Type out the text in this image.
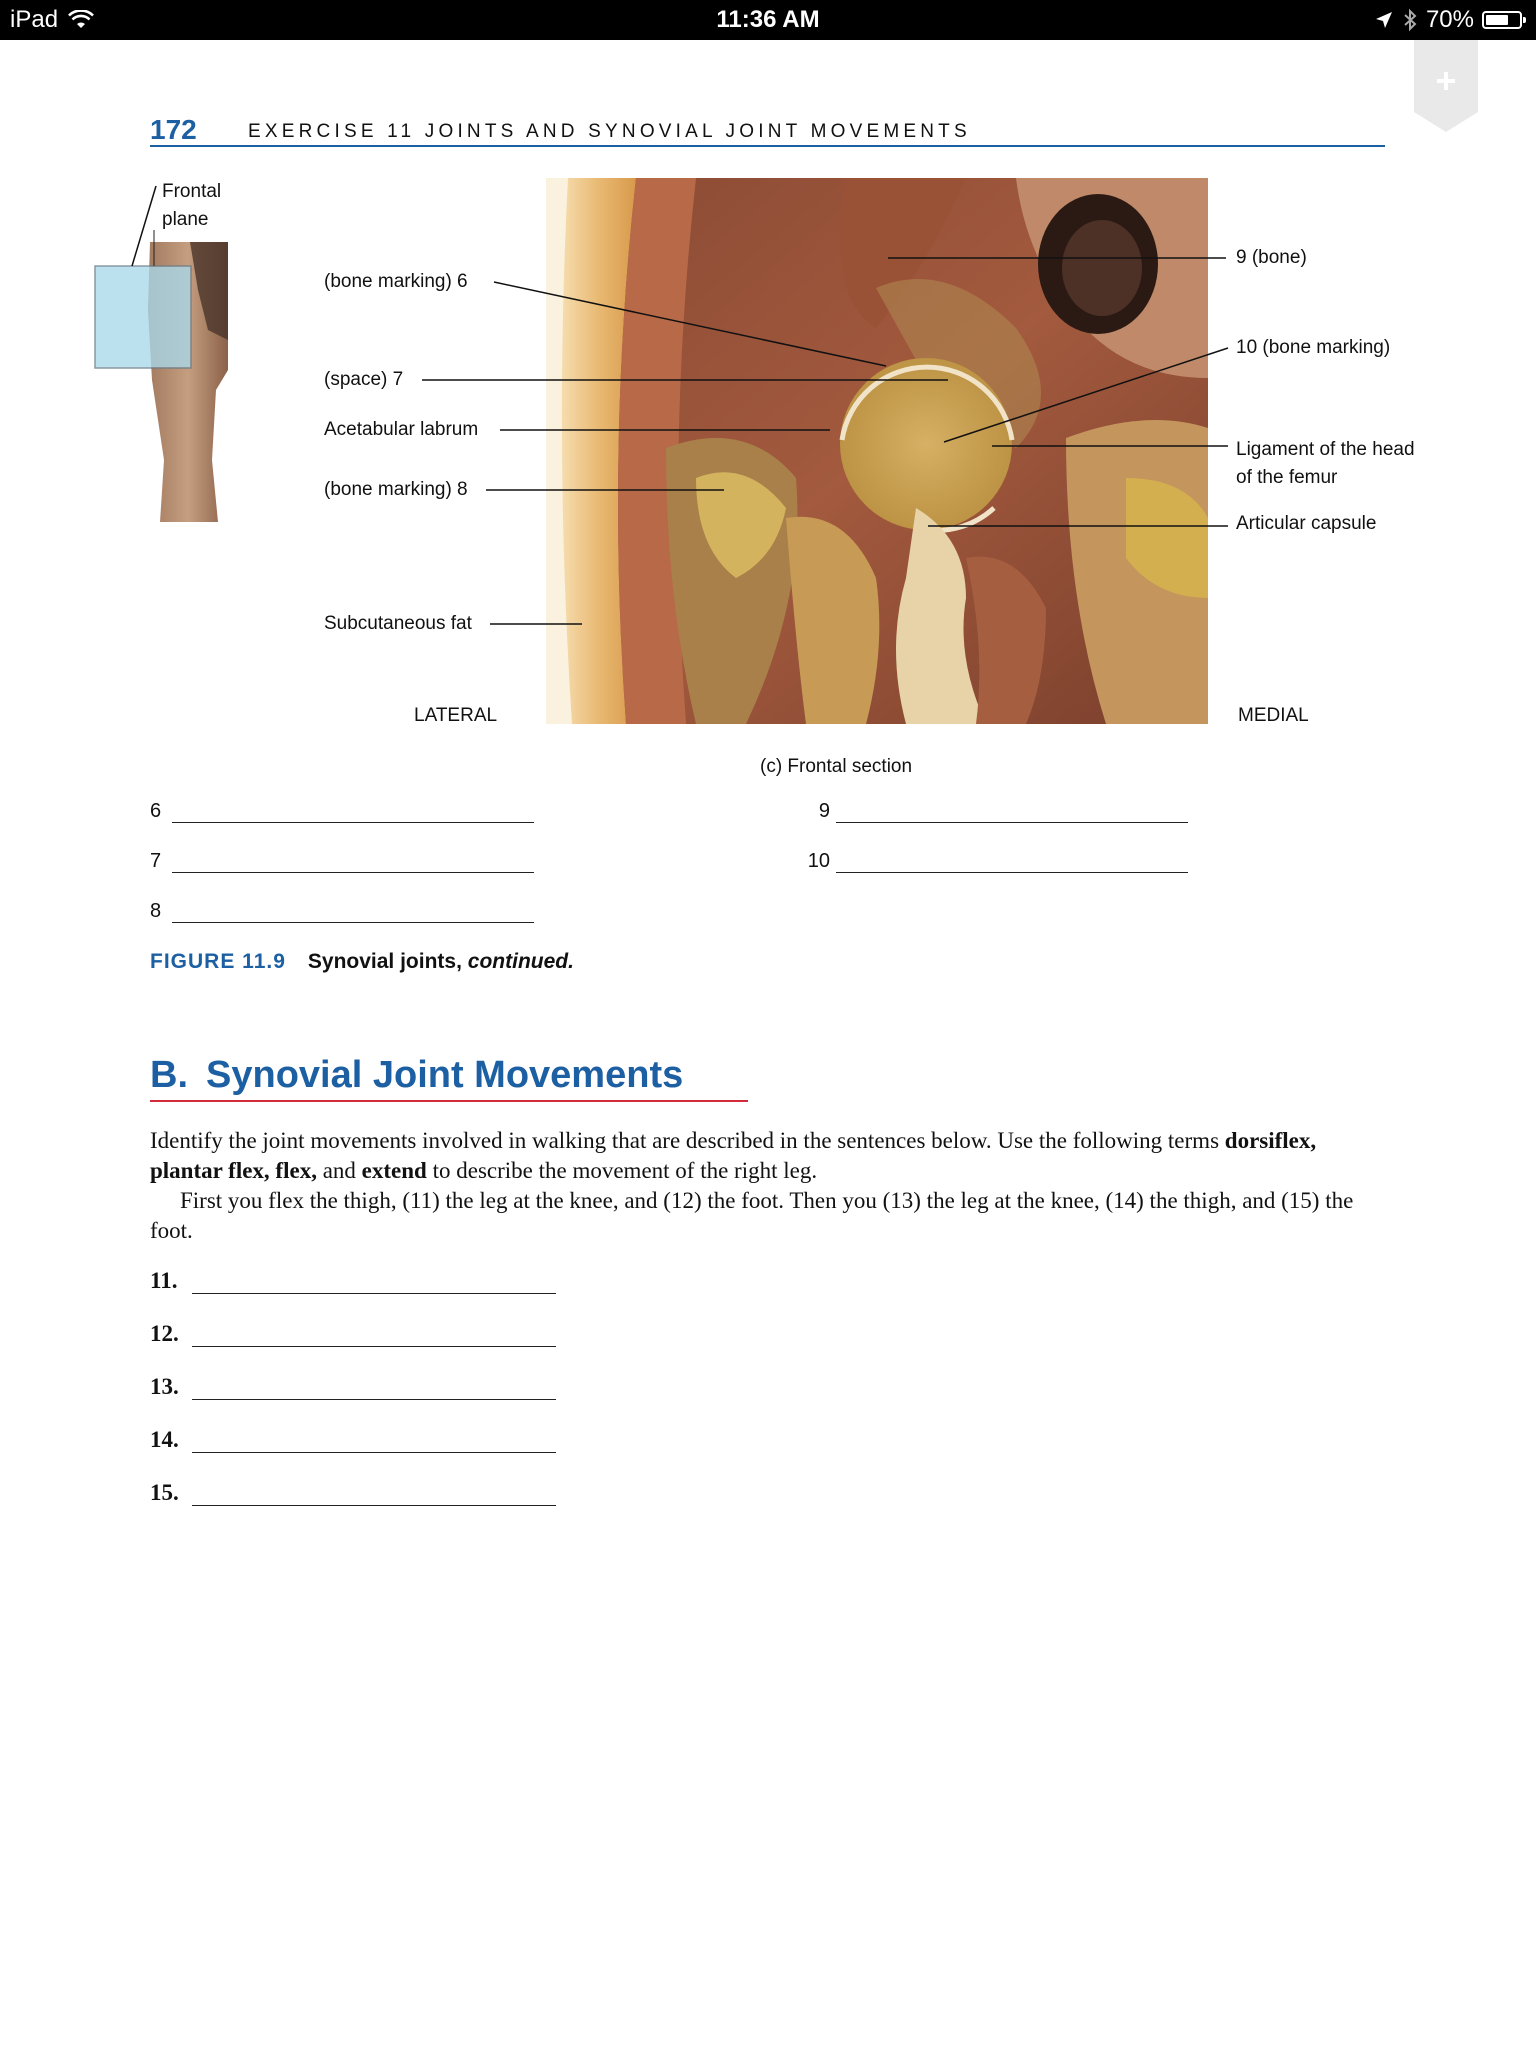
iPad	11:36 AM	70%
172	EXERCISE 11 JOINTS AND SYNOVIAL JOINT MOVEMENTS
Frontal
plane
(bone marking) 6
(space) 7
Acetabular labrum
(bone marking) 8
Subcutaneous fat
9 (bone)
10 (bone marking)
Ligament of the head
of the femur
Articular capsule
LATERAL	MEDIAL
(c) Frontal section
6
7
8
9
10
FIGURE 11.9 Synovial joints, continued.
B. Synovial Joint Movements

Identify the joint movements involved in walking that are described in the sentences below. Use the following terms dorsiflex, plantar flex, flex, and extend to describe the movement of the right leg.

First you flex the thigh, (11) the leg at the knee, and (12) the foot. Then you (13) the leg at the knee, (14) the thigh, and (15) the foot.

11.
12.
13.
14.
15.
